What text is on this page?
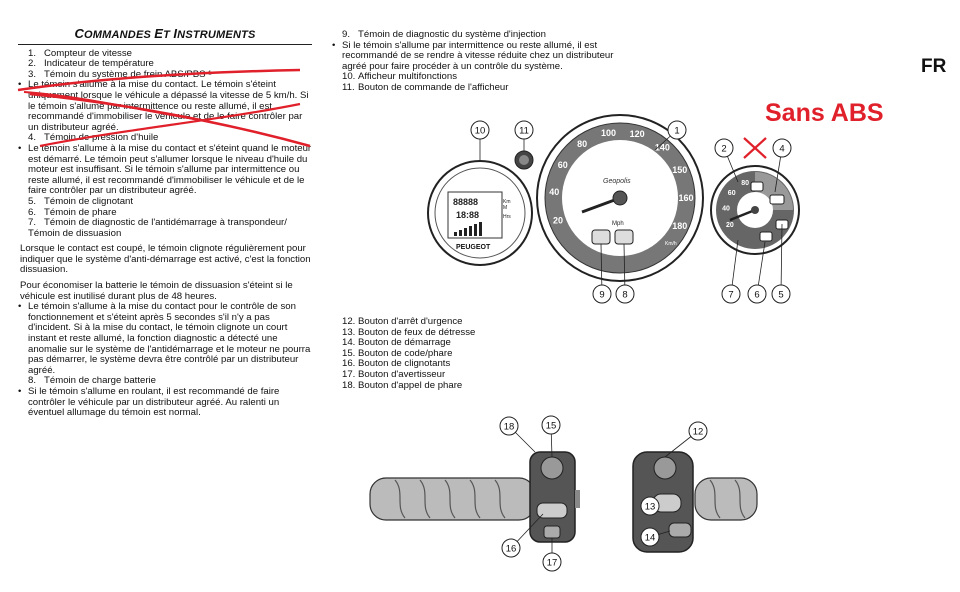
COMMANDES ET INSTRUMENTS
1. Compteur de vitesse
2. Indicateur de température
3. Témoin du système de frein ABS/PBS ¹
• Le témoin s'allume à la mise du contact. Le témoin s'éteint uniquement lorsque le véhicule a dépassé la vitesse de 5 km/h. Si le témoin s'allume par intermittence ou reste allumé, il est recommandé d'immobiliser le véhicule et de le faire contrôler par un distributeur agréé.
4. Témoin de pression d'huile
• Le témoin s'allume à la mise du contact et s'éteint quand le moteur est démarré. Le témoin peut s'allumer lorsque le niveau d'huile du moteur est insuffisant. Si le témoin s'allume par intermittence ou reste allumé, il est recommandé d'immobiliser le véhicule et de le faire contrôler par un distributeur agréé.
5. Témoin de clignotant
6. Témoin de phare
7. Témoin de diagnostic de l'antidémarrage à transpondeur/ Témoin de dissuasion
Lorsque le contact est coupé, le témoin clignote régulièrement pour indiquer que le système d'anti-démarrage est activé, c'est la fonction dissuasion.
Pour économiser la batterie le témoin de dissuasion s'éteint si le véhicule est inutilisé durant plus de 48 heures.
• Le témoin s'allume à la mise du contact pour le contrôle de son fonctionnement et s'éteint après 5 secondes s'il n'y a pas d'incident. Si à la mise du contact, le témoin clignote un court instant et reste allumé, la fonction diagnostic a détecté une anomalie sur le système de l'antidémarrage et le moteur ne pourra pas démarrer, le système devra être contrôlé par un distributeur agréé.
8. Témoin de charge batterie
• Si le témoin s'allume en roulant, il est recommandé de faire contrôler le véhicule par un distributeur agréé. Au ralenti un éventuel allumage du témoin est normal.
9. Témoin de diagnostic du système d'injection
• Si le témoin s'allume par intermittence ou reste allumé, il est recommandé de se rendre à vitesse réduite chez un distributeur agréé pour faire procéder à un contrôle du système.
10. Afficheur multifonctions
11. Bouton de commande de l'afficheur
12. Bouton d'arrêt d'urgence
13. Bouton de feux de détresse
14. Bouton de démarrage
15. Bouton de code/phare
16. Bouton de clignotants
17. Bouton d'avertisseur
18. Bouton d'appel de phare
FR
Sans ABS
88888
18:88
Km
M
Hrs
PEUGEOT
20
40
60
80
100 120
140
150
160
180
Geopolis
Mph
Km/h
20
40
60
80
1
2	4
5
6
7
8
9
10	11
12
13
14
15
16
17
18
